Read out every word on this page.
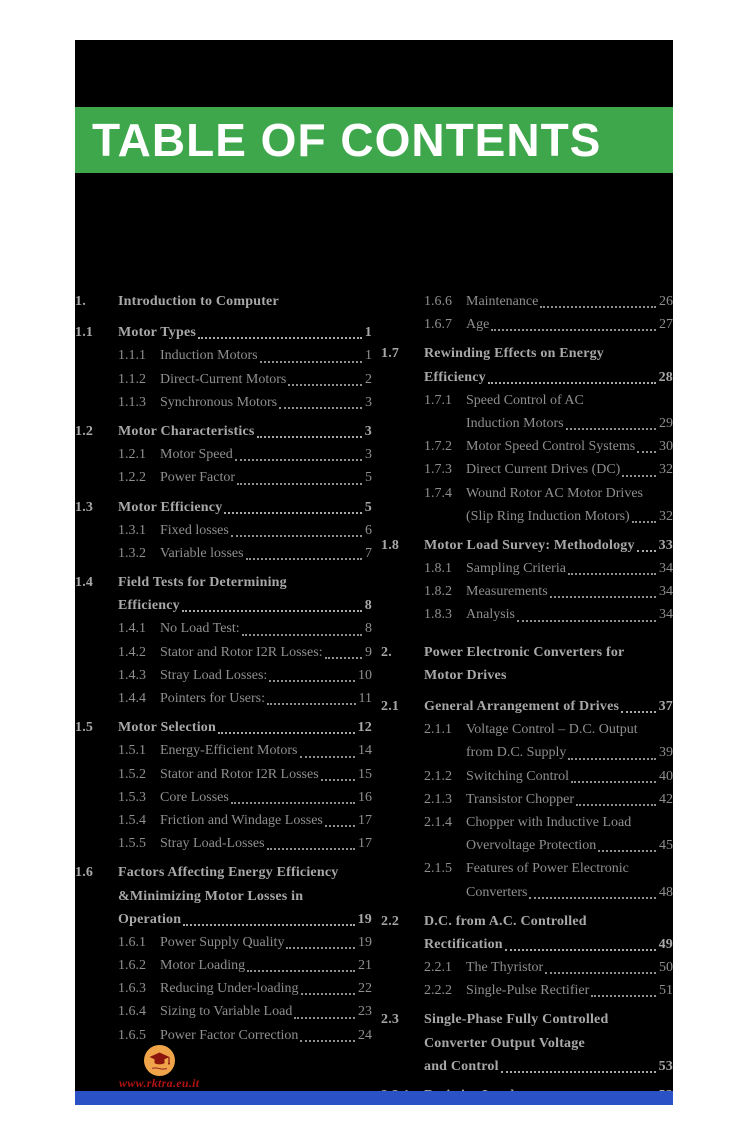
TABLE OF CONTENTS
1.	Introduction to Computer
1.1	Motor Types	1
1.1.1	Induction Motors	1
1.1.2	Direct-Current Motors	2
1.1.3	Synchronous Motors	3
1.2	Motor Characteristics	3
1.2.1	Motor Speed	3
1.2.2	Power Factor	5
1.3	Motor Efficiency	5
1.3.1	Fixed losses	6
1.3.2	Variable losses	7
1.4	Field Tests for Determining
Efficiency	8
1.4.1	No Load Test:	8
1.4.2	Stator and Rotor I2R Losses:	9
1.4.3	Stray Load Losses:	10
1.4.4	Pointers for Users:	11
1.5	Motor Selection	12
1.5.1	Energy-Efficient Motors	14
1.5.2	Stator and Rotor I2R Losses	15
1.5.3	Core Losses	16
1.5.4	Friction and Windage Losses	17
1.5.5	Stray Load-Losses	17
1.6	Factors Affecting Energy Efficiency
&Minimizing Motor Losses in
Operation	19
1.6.1	Power Supply Quality	19
1.6.2	Motor Loading	21
1.6.3	Reducing Under-loading	22
1.6.4	Sizing to Variable Load	23
1.6.5	Power Factor Correction	24
1.6.6	Maintenance	26
1.6.7	Age	27
1.7	Rewinding Effects on Energy
Efficiency	28
1.7.1	Speed Control of AC
Induction Motors	29
1.7.2	Motor Speed Control Systems 30
1.7.3	Direct Current Drives (DC)	32
1.7.4	Wound Rotor AC Motor Drives
(Slip Ring Induction Motors) 32
1.8	Motor Load Survey: Methodology 33
1.8.1	Sampling Criteria	34
1.8.2	Measurements	34
1.8.3	Analysis	34
2.	Power Electronic Converters for
Motor Drives
2.1	General Arrangement of Drives	37
2.1.1	Voltage Control – D.C. Output
from D.C. Supply	39
2.1.2	Switching Control	40
2.1.3	Transistor Chopper	42
2.1.4	Chopper with Inductive Load
Overvoltage Protection	45
2.1.5	Features of Power Electronic
Converters	48
2.2	D.C. from A.C. Controlled
Rectification	49
2.2.1	The Thyristor	50
2.2.2	Single-Pulse Rectifier	51
2.3	Single-Phase Fully Controlled
Converter Output Voltage
and Control	53
www.rktra.eu.it
